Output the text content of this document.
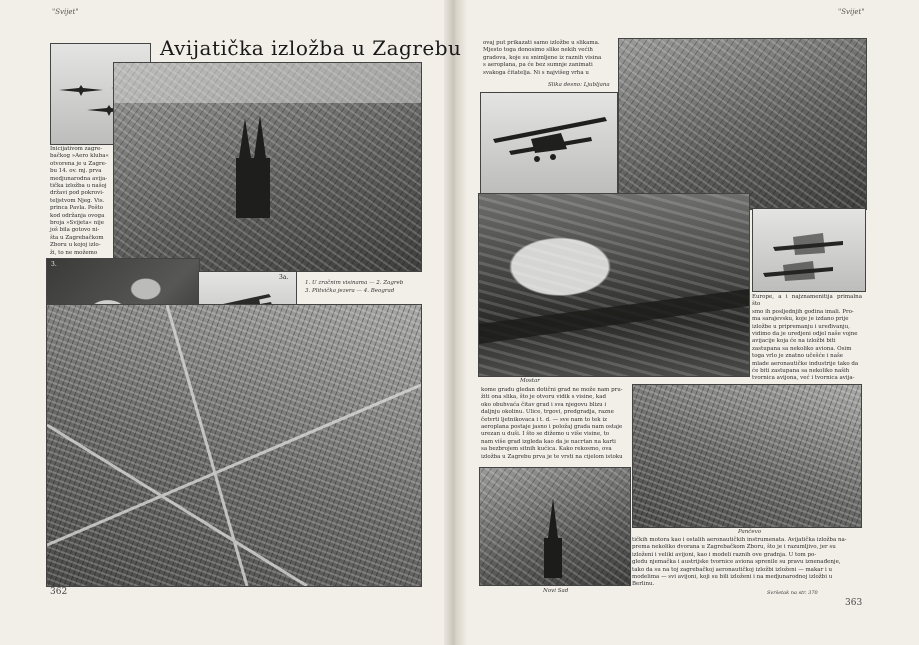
"Svijet"
Avijatička izložba u Zagrebu
Inicijativom zagre-
bačkog »Aero kluba«
otvorena je u Zagre-
bu 14. ov. mj. prva
medjunarodna avija-
tička izložba u našoj
državi pod pokrovi-
teljstvom Njeg. Vis.
princa Pavla. Pošto
kod održanja ovoga
broja »Svijeta« nije
još bila gotovo ni-
šta u Zagrebačkom
Zboru u kojoj izlo-
ži, to ne možemo
3.
3a.
1. U zračnim visinama — 2. Zagreb
3. Plitvička jezera — 4. Beograd
362
"Svijet"
ovaj put prikazati samo izložbe u slikama.
Mjesto toga donosimo slike nekih većih
gradova, koje su snimljene iz raznih visina
s aeroplana, pa će bez sumnje zanimati
svakoga čitatelja. Ni s najvišeg vrha u
Slika desno: Ljubljana
Mostar
Europe, a i najznamenitija primalna što
smo ih posljednjih godina imali. Pro-
ma sarajevsku, koje je izdano prije
izložbe u pripremanju i uređivanju,
vidimo da je uredjeni odjel naše vojne
avijacije koja će na izložbi biti
zastupana sa nekoliko aviona. Osim
toga vrlo je znatno učešće i naše
mlade aeronautičke industrije tako da
će biti zastupana sa nekoliko naših
tvornica avijona, već i tvornica avija-
kome gradu gledan dotični grad ne može nam pru-
žiti ona slika, što je otvoru vidik s visine, kad
oko obuhvaća čitav grad i sva njegovu blizu i
daljnju okolinu. Ulice, trgovi, predgradja, razne
četvrti ljetnikovaca i t. d. — sve nam to tek iz
aeroplana postaje jasno i položaj grada nam ostaje
urezan u duši. I što se dižemo u više visine, to
nam više grad izgleda kao da je nacrtan na karti
sa bezbrojem sitnih kućica. Kako rekosmo, ova
izložba u Zagrebu prva je te vrsti na cijelom istoku
Pančevo
Novi Sad
tičkih motora kao i ostalih aeronautičkih instrumenata. Avijatička izložba na-
prema nekoliko dvorana u Zagrebačkom Zboru, što je i razumljivo, jer su
izloženi i veliki avijoni, kao i modeli raznih ove gradnja. U tom po-
gledu njemačka i austrijske tvornice aviona sprenile su pravu iznenađenje,
tako da su na toj zagrebačkoj aeronautičkoj izložbi izloženi — makar i u
modelima — svi avijoni, koji su bili izloženi i na medjunarodnoj izložbi u
Berlinu.
Svršetak na str. 370
363
